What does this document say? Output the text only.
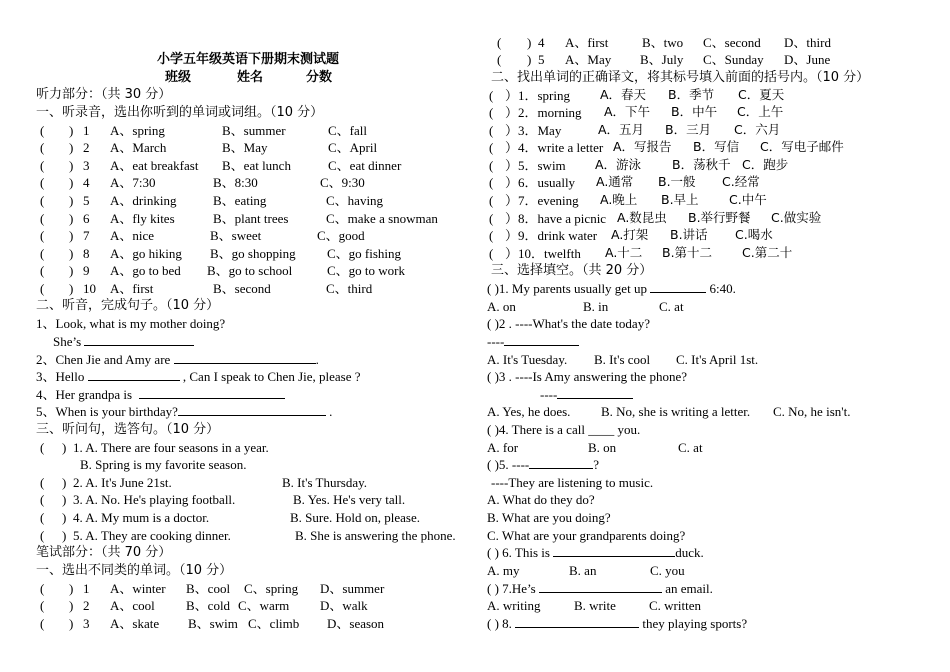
小学五年级英语下册期末测试题
班级	姓名	分数
听力部分：（共 30 分）
一、听录音，选出你听到的单词或词组。（10 分）
( ) 1 A、spring	B、summer	C、fall
( ) 2 A、March	B、May	C、April
( ) 3 A、eat breakfast B、eat lunch	C、eat dinner
( ) 4 A、7:30	B、8:30	C、9:30
( ) 5 A、drinking	B、eating	C、having
( ) 6 A、fly kites	B、plant trees	C、make a snowman
( ) 7 A、nice	B、sweet	C、good
( ) 8 A、go hiking B、go shopping C、go fishing
( ) 9 A、go to bed B、go to school	C、go to work
( ) 10 A、first	B、second	C、third
二、听音，完成句子。（10 分）
1、Look, what is my mother doing?
She’s
2、Chen Jie and Amy are	.
3、Hello	, Can I speak to Chen Jie, please ?
4、Her grandpa is
5、When is your birthday?	.
三、听问句，选答句。（10 分）
( ) 1. A. There are four seasons in a year.
B. Spring is my favorite season.
( ) 2. A. It's June 21st.	B. It's Thursday.
( ) 3. A. No. He's playing football.	B. Yes. He's very tall.
( ) 4. A. My mum is a doctor.	B. Sure. Hold on, please.
( ) 5. A. They are cooking dinner.	B. She is answering the phone.
笔试部分：（共 70 分）
一、选出不同类的单词。（10 分）
( ) 1 A、winter B、cool C、spring D、summer
( ) 2 A、cool B、cold C、warm D、walk
( ) 3 A、skate B、swim C、climb D、season
( ) 4 A、first	B、two C、second D、third
( ) 5 A、May B、July C、Sunday D、June
二、找出单词的正确译文，将其标号填入前面的括号内。（10 分）
( ）1．spring A．春天 B．季节 C．夏天
( ）2．morning A．下午 B．中午 C．上午
( ）3．May	A．五月 B．三月 C．六月
( ）4．write a letter A．写报告 B．写信 C．写电子邮件
( ）5．swim A．游泳 B．荡秋千 C．跑步
( ）6．usually A.通常 B.一般 C.经常
( ）7．evening A.晚上 B.早上 C.中午
( ）8．have a picnic A.数昆虫 B.举行野餐 C.做实验
( ）9．drink water A.打架 B.讲话 C.喝水
( ）10．twelfth A.十二 B.第十二 C.第二十
三、选择填空。（共 20 分）
( )1. My parents usually get up	6:40.
A. on	B. in	C. at
( )2 . ----What's the date today?
----
A. It's Tuesday. B. It's cool C. It's April 1st.
( )3 . ----Is Amy answering the phone?
----
A. Yes, he does. B. No, she is writing a letter. C. No, he isn't.
( )4. There is a call ____ you.
A. for	B. on	C. at
( )5. ----	?
----They are listening to music.
A. What do they do?
B. What are you doing?
C. What are your grandparents doing?
( ) 6. This is	duck.
A. my	B. an	C. you
( ) 7.He’s	an email.
A. writing	B. write	C. written
( ) 8.	they playing sports?
